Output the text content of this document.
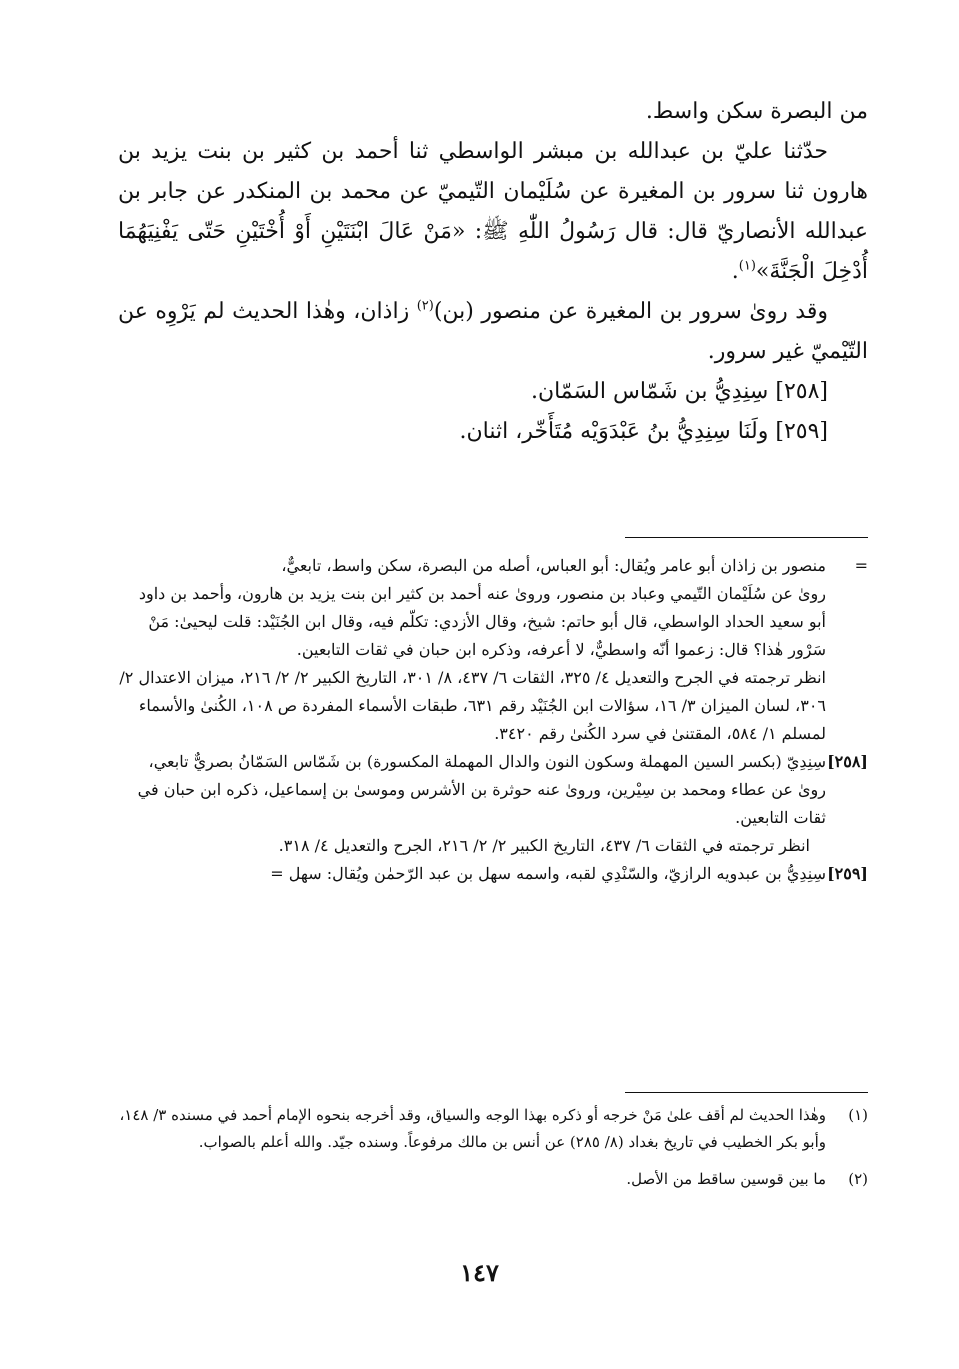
من البصرة سكن واسط.

حدّثنا عليّ بن عبدالله بن مبشر الواسطي ثنا أحمد بن كثير بن بنت يزيد بن هارون ثنا سرور بن المغيرة عن سُلَيْمان التّيميّ عن محمد بن المنكدر عن جابر بن عبدالله الأنصاريّ قال: قال رَسُولُ اللّٰهِ ﷺ: «مَنْ عَالَ ابْنَتَيْنِ أَوْ أُخْتَيْنِ حَتّى يَفْنِيَهُمَا أُدْخِلَ الْجَنَّةَ»$^{(١)}$.

وقد روىٰ سرور بن المغيرة عن منصور (بن)$^{(٢)}$ زاذان، وهٰذا الحديث لم يَرْوِه عن التّيْميّ غير سرور.

[٢٥٨] سِنِدِيُّ بن شَمّاس السَمّان.

[٢٥٩] ولَنَا سِنِدِيُّ بنُ عَبْدَوَيْه مُتَأَخّر، اثنان.

=منصور بن زاذان أبو عامر ويُقال: أبو العباس، أصله من البصرة، سكن واسط، تابعيٌّ،

روىٰ عن سُلَيْمان التّيمي وعباد بن منصور، وروىٰ عنه أحمد بن كثير ابن بنت يزيد بن هارون، وأحمد بن داود أبو سعيد الحداد الواسطي، قال أبو حاتم: شيخ، وقال الأزدي: تكلّم فيه، وقال ابن الجُنَيْد: قلت ليحيىٰ: مَنْ سَرْور هٰذا؟ قال: زعموا أنّه واسطيٌّ، لا أعرفه، وذكره ابن حبان في ثقات التابعين.

انظر ترجمته في الجرح والتعديل ٤/ ٣٢٥، الثقات ٦/ ٤٣٧، ٨/ ٣٠١، التاريخ الكبير ٢/ ٢/ ٢١٦، ميزان الاعتدال ٢/ ٣٠٦، لسان الميزان ٣/ ١٦، سؤالات ابن الجُنَيْد رقم ٦٣١، طبقات الأسماء المفردة ص ١٠٨، الكُنىٰ والأسماء لمسلم ١/ ٥٨٤، المقتنىٰ في سرد الكُنىٰ رقم ٣٤٢٠.

[٢٥٨]سِنِدِيّ (بكسر السين المهملة وسكون النون والدال المهملة المكسورة) بن شَمّاس السَمّانُ بصريٌّ تابعي، روىٰ عن عطاء ومحمد بن سِيْرين، وروىٰ عنه حوثرة بن الأشرس وموسىٰ بن إسماعيل، ذكره ابن حبان في ثقات التابعين.

انظر ترجمته في الثقات ٦/ ٤٣٧، التاريخ الكبير ٢/ ٢/ ٢١٦، الجرح والتعديل ٤/ ٣١٨.

[٢٥٩]سِنِدِيُّ بن عبدويه الرازيّ، والسّنْدِي لقبه، واسمه سهل بن عبد الرّحمٰن ويُقال: سهل =

(١)وهٰذا الحديث لم أقف علىٰ مَنْ خرجه أو ذكره بهذا الوجه والسياق، وقد أخرجه بنحوه الإمام أحمد في مسنده ٣/ ١٤٨، وأبو بكر الخطيب في تاريخ بغداد (٨/ ٢٨٥) عن أنس بن مالك مرفوعاً. وسنده جيّد. والله أعلم بالصواب.

(٢)ما بين قوسين ساقط من الأصل.

١٤٧
